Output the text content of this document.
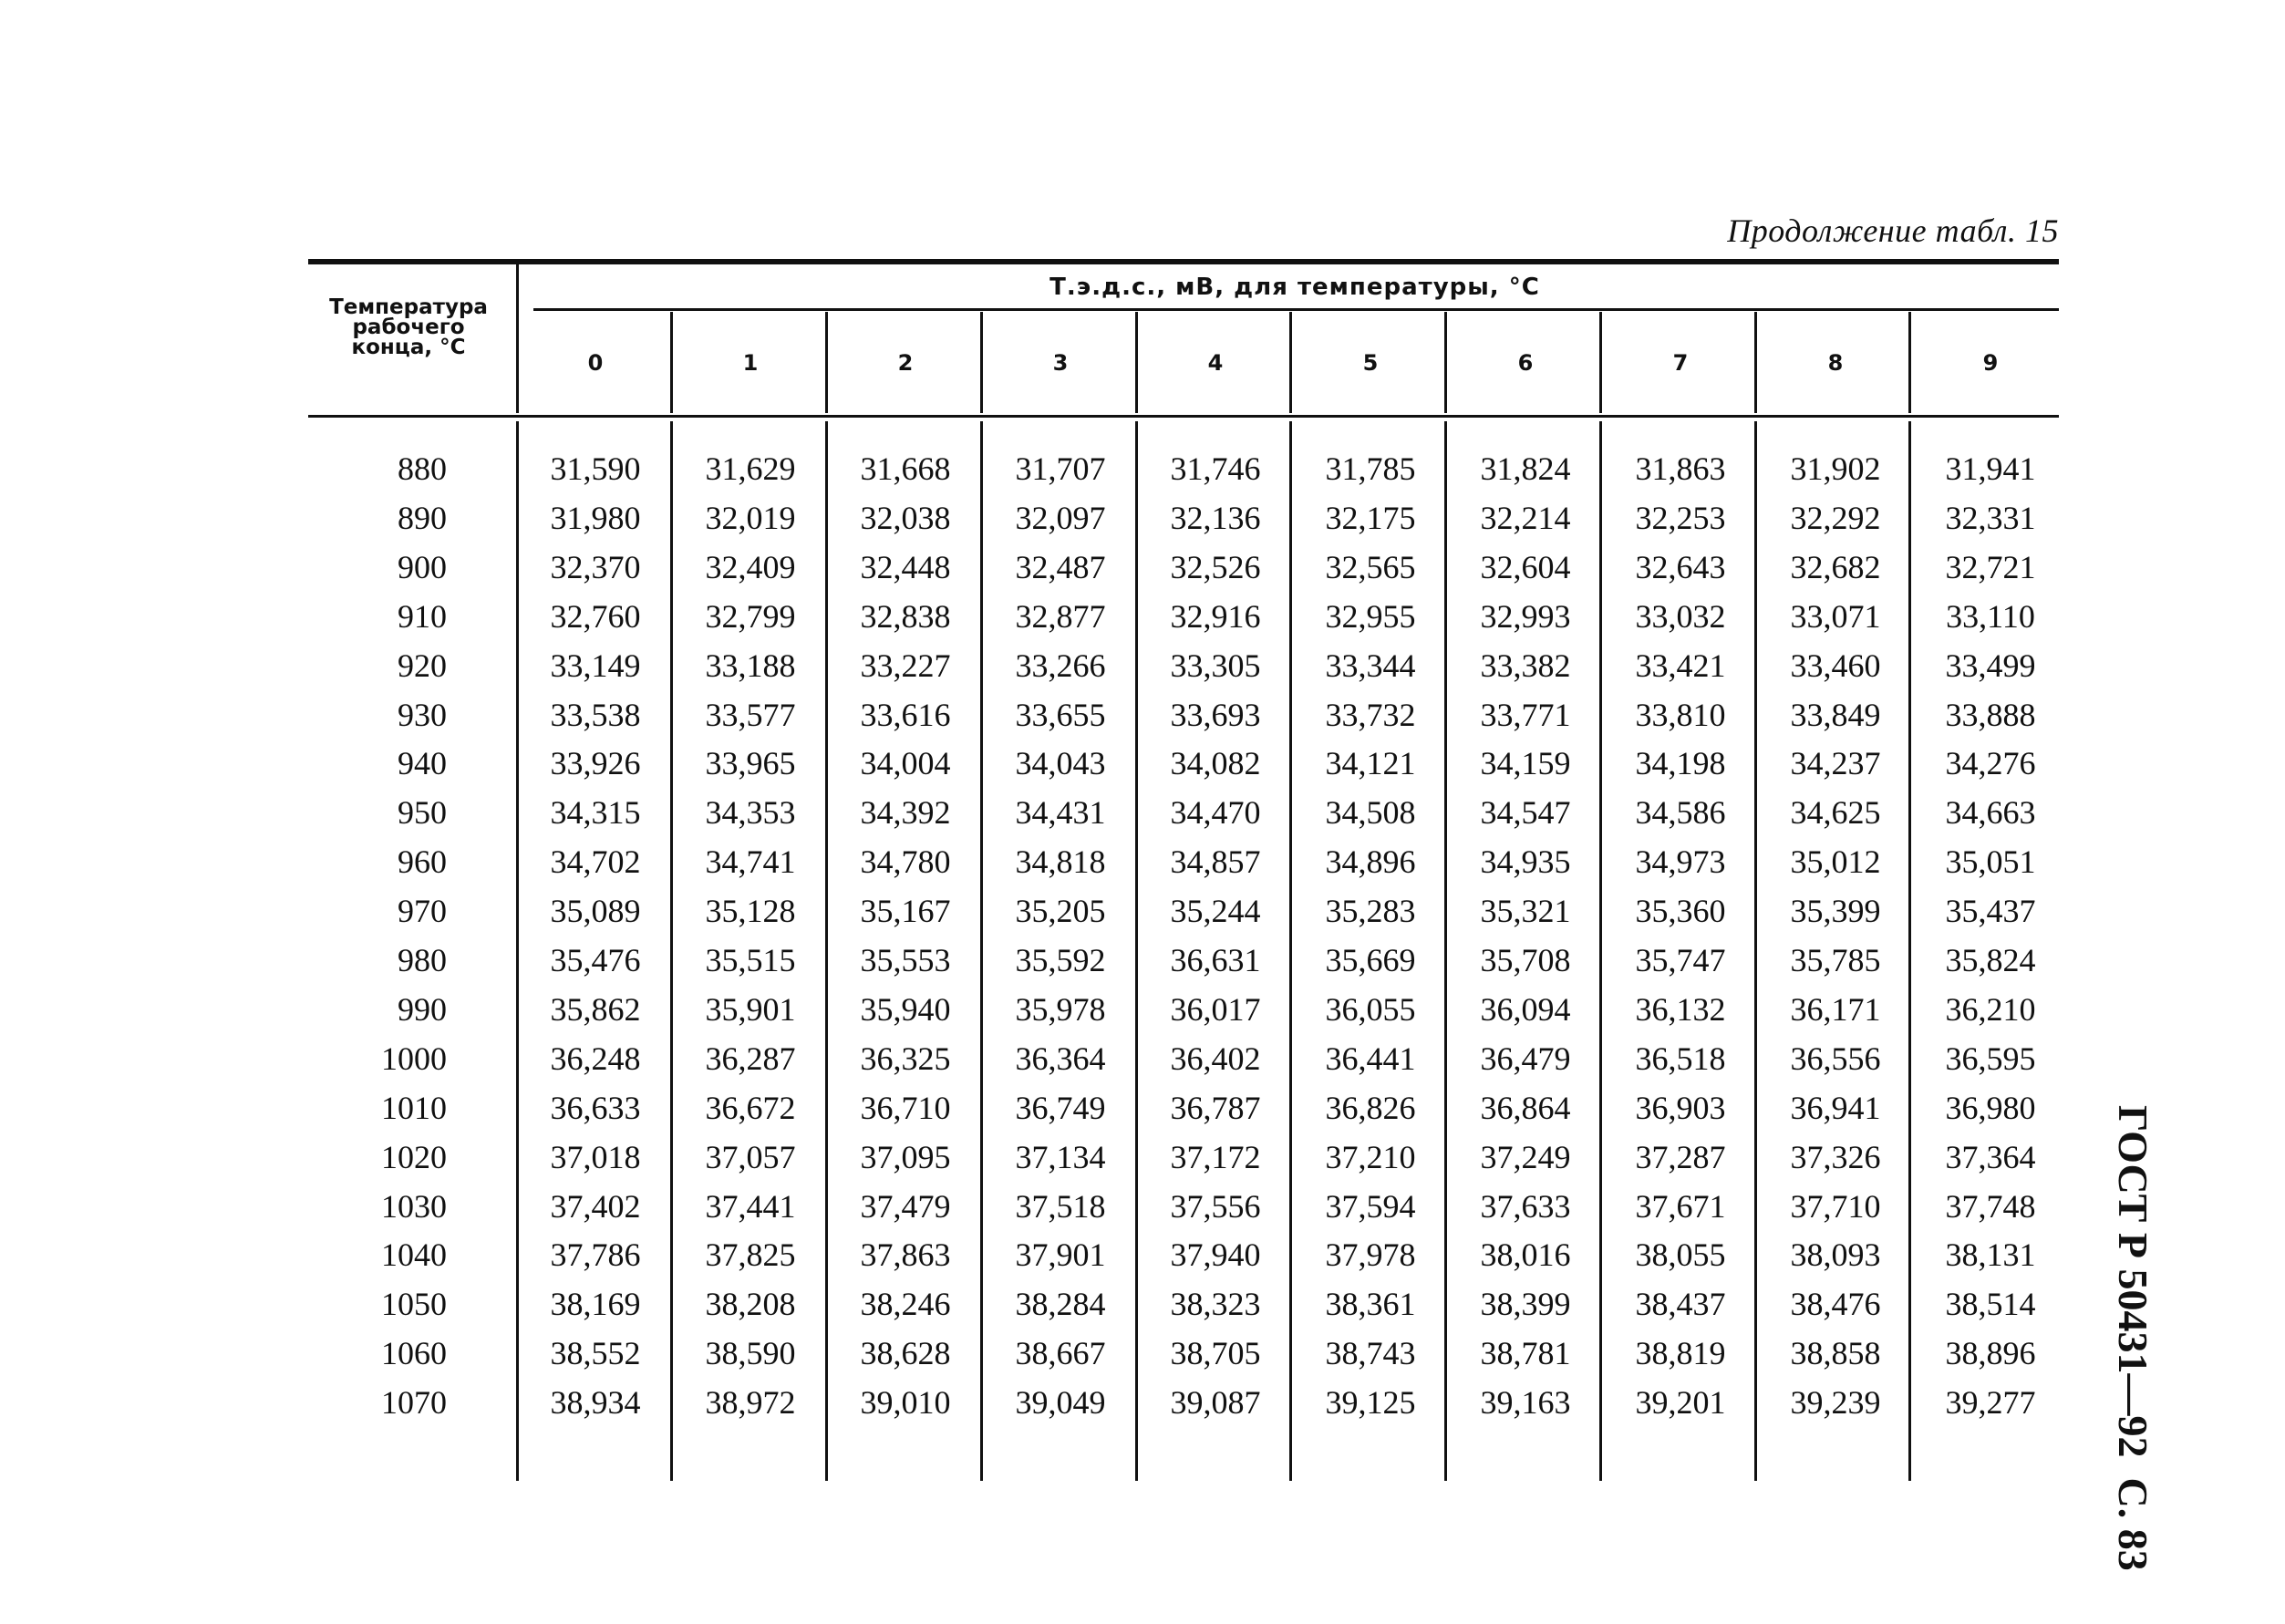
Продолжение табл. 15
ГОСТ Р 50431—92С. 83
Температура
рабочего
конца, °С
Т.э.д.с., мВ, для температуры, °С
0	1	2	3	4	5	6	7	8	9
880	31,590	31,629	31,668	31,707	31,746	31,785	31,824	31,863	31,902	31,941
890	31,980	32,019	32,038	32,097	32,136	32,175	32,214	32,253	32,292	32,331
900	32,370	32,409	32,448	32,487	32,526	32,565	32,604	32,643	32,682	32,721
910	32,760	32,799	32,838	32,877	32,916	32,955	32,993	33,032	33,071	33,110
920	33,149	33,188	33,227	33,266	33,305	33,344	33,382	33,421	33,460	33,499
930	33,538	33,577	33,616	33,655	33,693	33,732	33,771	33,810	33,849	33,888
940	33,926	33,965	34,004	34,043	34,082	34,121	34,159	34,198	34,237	34,276
950	34,315	34,353	34,392	34,431	34,470	34,508	34,547	34,586	34,625	34,663
960	34,702	34,741	34,780	34,818	34,857	34,896	34,935	34,973	35,012	35,051
970	35,089	35,128	35,167	35,205	35,244	35,283	35,321	35,360	35,399	35,437
980	35,476	35,515	35,553	35,592	36,631	35,669	35,708	35,747	35,785	35,824
990	35,862	35,901	35,940	35,978	36,017	36,055	36,094	36,132	36,171	36,210
1000	36,248	36,287	36,325	36,364	36,402	36,441	36,479	36,518	36,556	36,595
1010	36,633	36,672	36,710	36,749	36,787	36,826	36,864	36,903	36,941	36,980
1020	37,018	37,057	37,095	37,134	37,172	37,210	37,249	37,287	37,326	37,364
1030	37,402	37,441	37,479	37,518	37,556	37,594	37,633	37,671	37,710	37,748
1040	37,786	37,825	37,863	37,901	37,940	37,978	38,016	38,055	38,093	38,131
1050	38,169	38,208	38,246	38,284	38,323	38,361	38,399	38,437	38,476	38,514
1060	38,552	38,590	38,628	38,667	38,705	38,743	38,781	38,819	38,858	38,896
1070	38,934	38,972	39,010	39,049	39,087	39,125	39,163	39,201	39,239	39,277
